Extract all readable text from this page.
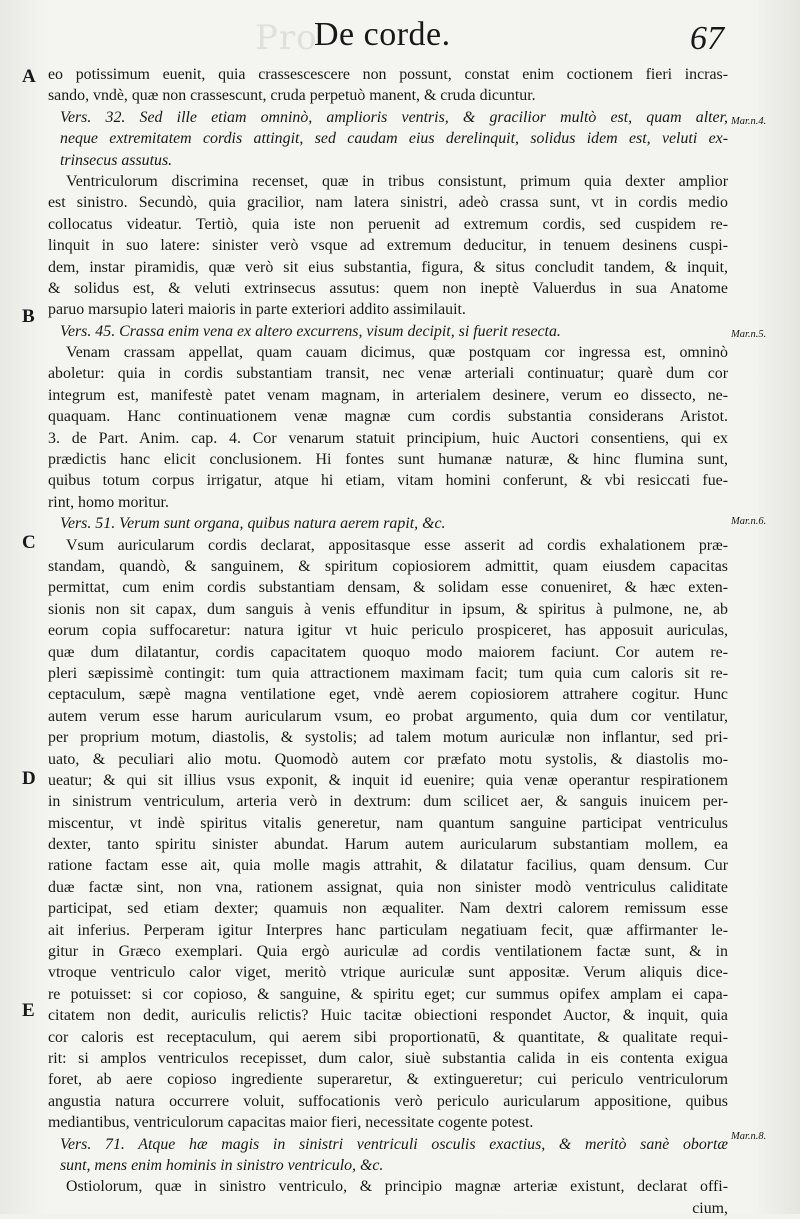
Pro
De corde.	67
A
B
C
D
E
Mar.n.4.
Mar.n.5.
Mar.n.6.
Mar.n.8.
eo potissimum euenit, quia crassescescere non possunt, constat enim coctionem fieri incras-
sando, vndè, quæ non crassescunt, cruda perpetuò manent, & cruda dicuntur.
Vers. 32. Sed ille etiam omninò, amplioris ventris, & gracilior multò est, quam alter,
neque extremitatem cordis attingit, sed caudam eius derelinquit, solidus idem est, veluti ex-
trinsecus assutus.
Ventriculorum discrimina recenset, quæ in tribus consistunt, primum quia dexter amplior
est sinistro. Secundò, quia gracilior, nam latera sinistri, adeò crassa sunt, vt in cordis medio
collocatus videatur. Tertiò, quia iste non peruenit ad extremum cordis, sed cuspidem re-
linquit in suo latere: sinister verò vsque ad extremum deducitur, in tenuem desinens cuspi-
dem, instar piramidis, quæ verò sit eius substantia, figura, & situs concludit tandem, & inquit,
& solidus est, & veluti extrinsecus assutus: quem non ineptè Valuerdus in sua Anatome
paruo marsupio lateri maioris in parte exteriori addito assimilauit.
Vers. 45. Crassa enim vena ex altero excurrens, visum decipit, si fuerit resecta.
Venam crassam appellat, quam cauam dicimus, quæ postquam cor ingressa est, omninò
aboletur: quia in cordis substantiam transit, nec venæ arteriali continuatur; quarè dum cor
integrum est, manifestè patet venam magnam, in arterialem desinere, verum eo dissecto, ne-
quaquam. Hanc continuationem venæ magnæ cum cordis substantia considerans Aristot.
3. de Part. Anim. cap. 4. Cor venarum statuit principium, huic Auctori consentiens, qui ex
prædictis hanc elicit conclusionem. Hi fontes sunt humanæ naturæ, & hinc flumina sunt,
quibus totum corpus irrigatur, atque hi etiam, vitam homini conferunt, & vbi resiccati fue-
rint, homo moritur.
Vers. 51. Verum sunt organa, quibus natura aerem rapit, &c.
Vsum auricularum cordis declarat, appositasque esse asserit ad cordis exhalationem præ-
standam, quandò, & sanguinem, & spiritum copiosiorem admittit, quam eiusdem capacitas
permittat, cum enim cordis substantiam densam, & solidam esse conueniret, & hæc exten-
sionis non sit capax, dum sanguis à venis effunditur in ipsum, & spiritus à pulmone, ne, ab
eorum copia suffocaretur: natura igitur vt huic periculo prospiceret, has apposuit auriculas,
quæ dum dilatantur, cordis capacitatem quoquo modo maiorem faciunt. Cor autem re-
pleri sæpissimè contingit: tum quia attractionem maximam facit; tum quia cum caloris sit re-
ceptaculum, sæpè magna ventilatione eget, vndè aerem copiosiorem attrahere cogitur. Hunc
autem verum esse harum auricularum vsum, eo probat argumento, quia dum cor ventilatur,
per proprium motum, diastolis, & systolis; ad talem motum auriculæ non inflantur, sed pri-
uato, & peculiari alio motu. Quomodò autem cor præfato motu systolis, & diastolis mo-
ueatur; & qui sit illius vsus exponit, & inquit id euenire; quia venæ operantur respirationem
in sinistrum ventriculum, arteria verò in dextrum: dum scilicet aer, & sanguis inuicem per-
miscentur, vt indè spiritus vitalis generetur, nam quantum sanguine participat ventriculus
dexter, tanto spiritu sinister abundat. Harum autem auricularum substantiam mollem, ea
ratione factam esse ait, quia molle magis attrahit, & dilatatur facilius, quam densum. Cur
duæ factæ sint, non vna, rationem assignat, quia non sinister modò ventriculus caliditate
participat, sed etiam dexter; quamuis non æqualiter. Nam dextri calorem remissum esse
ait inferius. Perperam igitur Interpres hanc particulam negatiuam fecit, quæ affirmanter le-
gitur in Græco exemplari. Quia ergò auriculæ ad cordis ventilationem factæ sunt, & in
vtroque ventriculo calor viget, meritò vtrique auriculæ sunt appositæ. Verum aliquis dice-
re potuisset: si cor copioso, & sanguine, & spiritu eget; cur summus opifex amplam ei capa-
citatem non dedit, auriculis relictis? Huic tacitæ obiectioni respondet Auctor, & inquit, quia
cor caloris est receptaculum, qui aerem sibi proportionatū, & quantitate, & qualitate requi-
rit: si amplos ventriculos recepisset, dum calor, siuè substantia calida in eis contenta exigua
foret, ab aere copioso ingrediente superaretur, & extingueretur; cui periculo ventriculorum
angustia natura occurrere voluit, suffocationis verò periculo auricularum appositione, quibus
mediantibus, ventriculorum capacitas maior fieri, necessitate cogente potest.
Vers. 71. Atque hæ magis in sinistri ventriculi osculis exactius, & meritò sanè obortæ
sunt, mens enim hominis in sinistro ventriculo, &c.
Ostiolorum, quæ in sinistro ventriculo, & principio magnæ arteriæ existunt, declarat offi-
cium,
